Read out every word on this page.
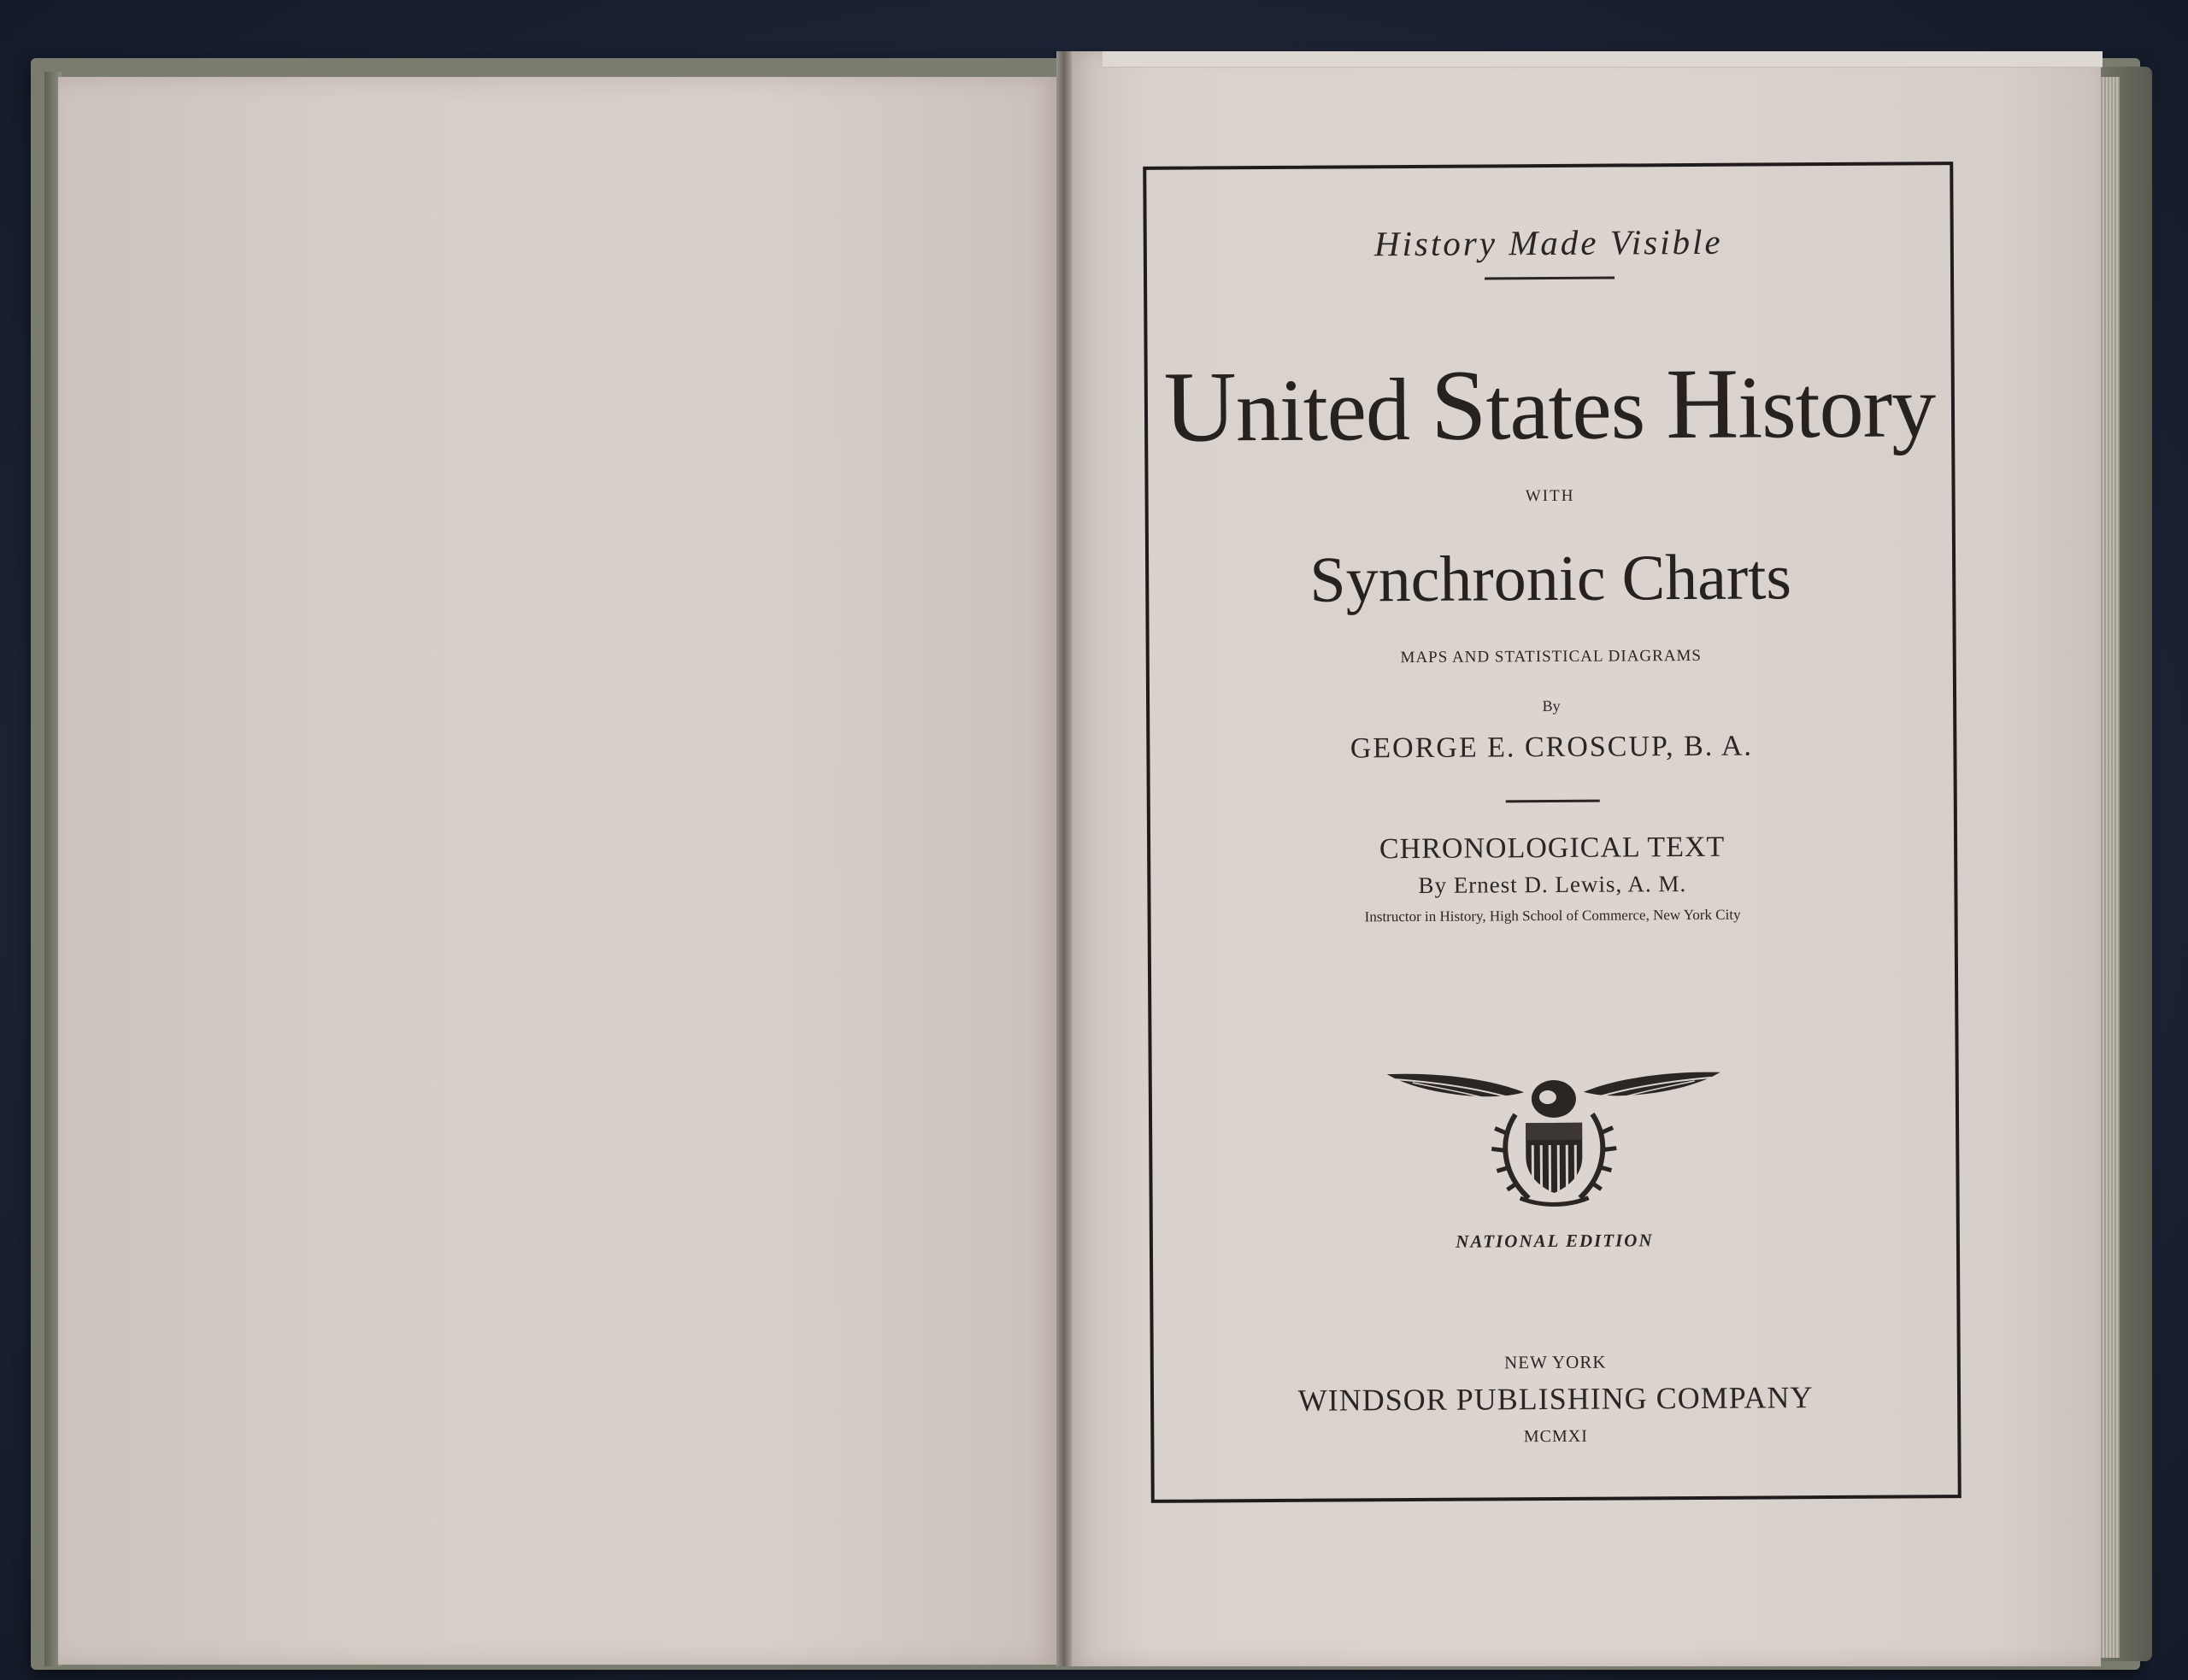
History Made Visible
United States History
WITH
Synchronic Charts
MAPS AND STATISTICAL DIAGRAMS
By
GEORGE E. CROSCUP, B. A.
CHRONOLOGICAL TEXT
By Ernest D. Lewis, A. M.
Instructor in History, High School of Commerce, New York City
NATIONAL EDITION
NEW YORK
WINDSOR PUBLISHING COMPANY
MCMXI
